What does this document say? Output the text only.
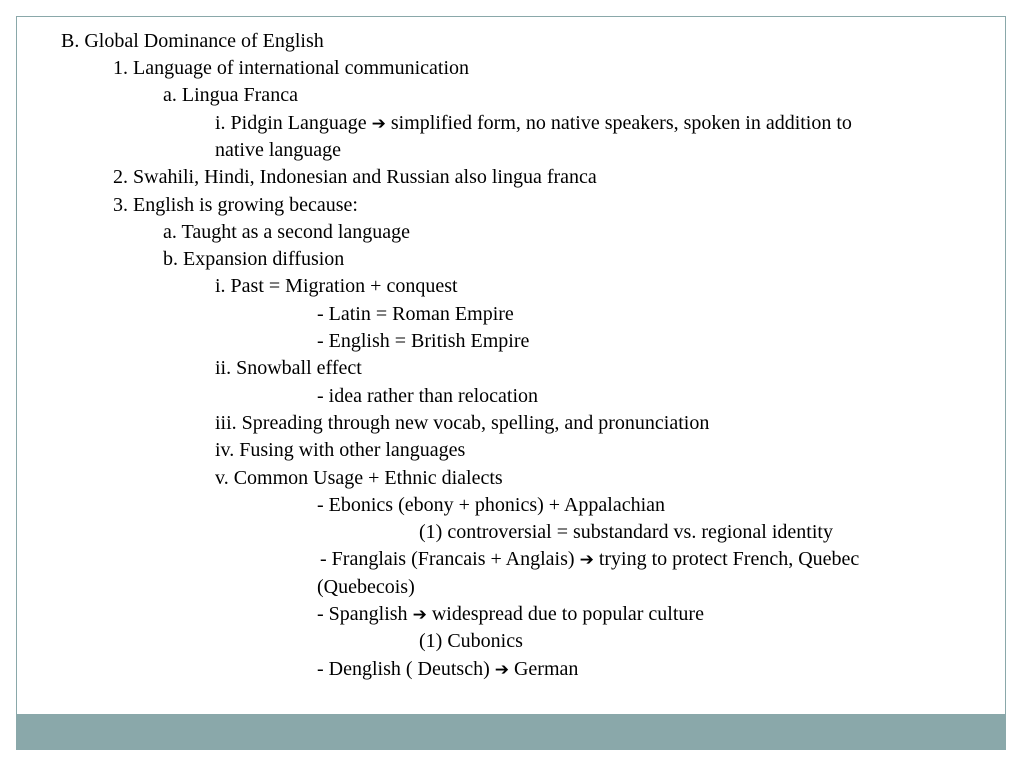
B. Global Dominance of English
1. Language of international communication
a. Lingua Franca
i. Pidgin Language ➔ simplified form, no native speakers, spoken in addition to
native language
2. Swahili, Hindi, Indonesian and Russian also lingua franca
3. English is growing because:
a. Taught as a second language
b. Expansion diffusion
i. Past = Migration + conquest
- Latin = Roman Empire
- English = British Empire
ii. Snowball effect
- idea rather than relocation
iii. Spreading through new vocab, spelling, and pronunciation
iv. Fusing with other languages
v. Common Usage + Ethnic dialects
- Ebonics (ebony + phonics) + Appalachian
(1) controversial = substandard vs. regional identity
- Franglais (Francais + Anglais) ➔ trying to protect French, Quebec
(Quebecois)
- Spanglish ➔ widespread due to popular culture
(1) Cubonics
- Denglish ( Deutsch) ➔ German
